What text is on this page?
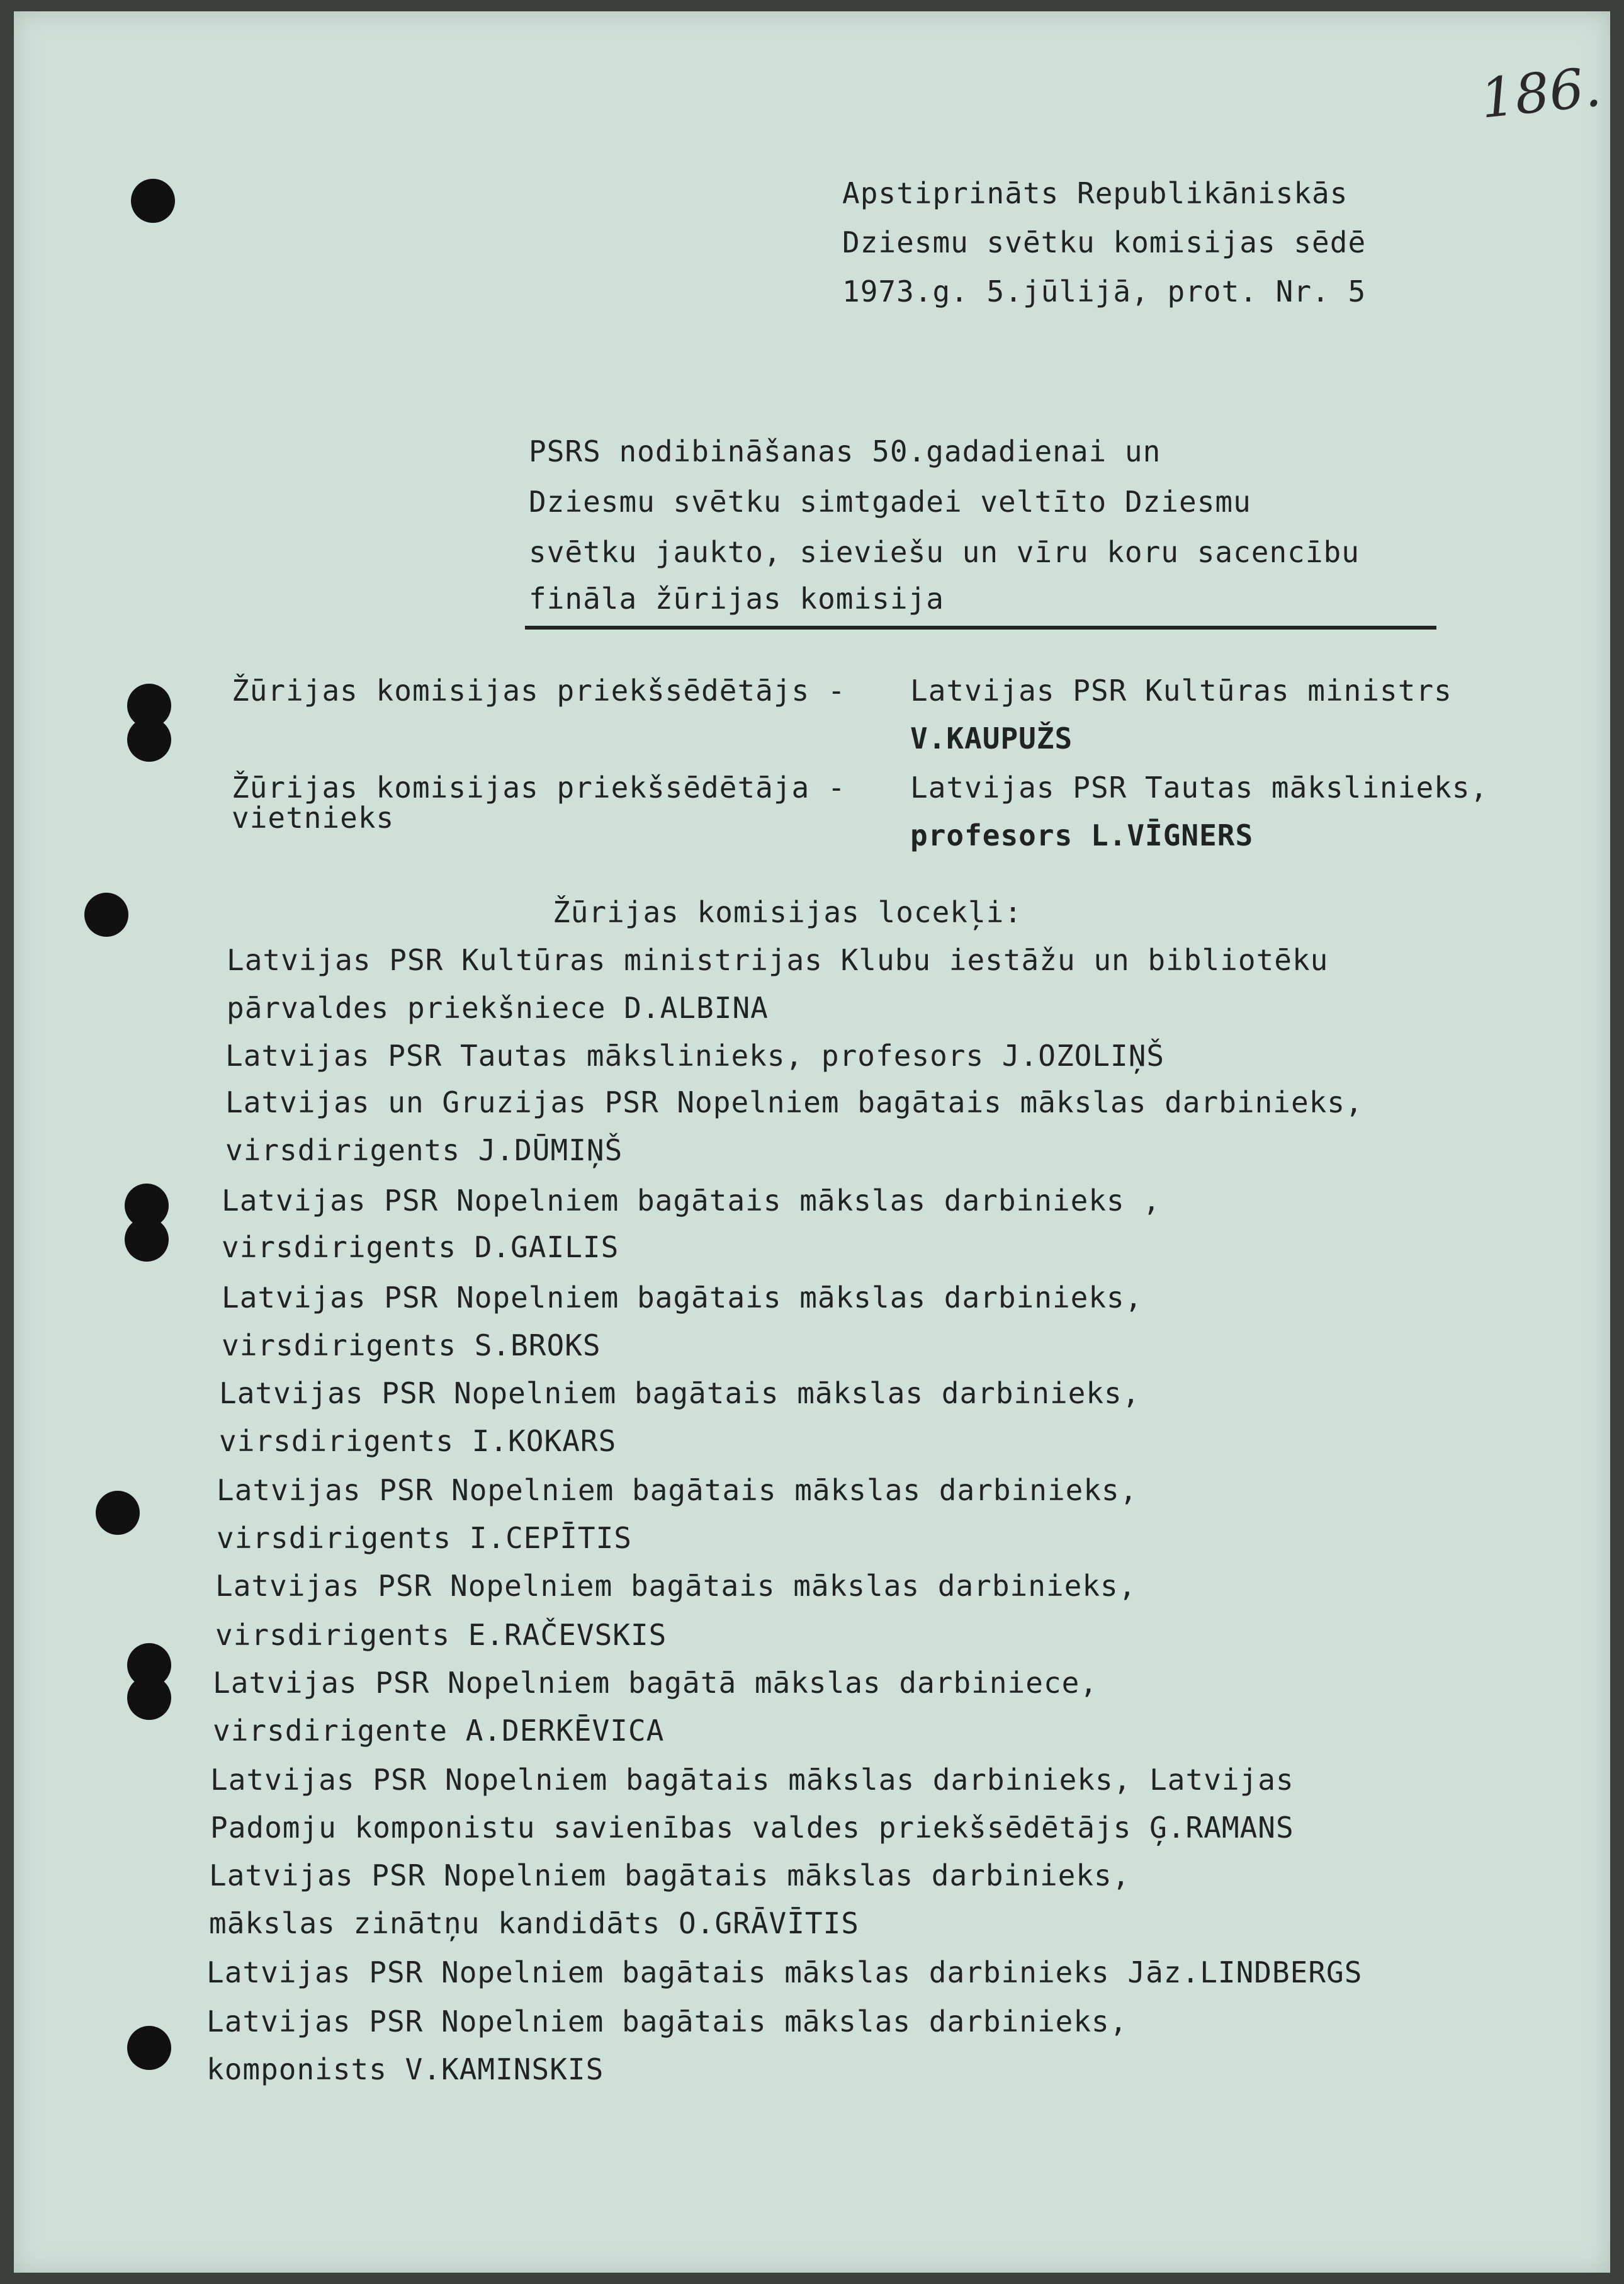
186.
Apstiprināts Republikāniskās
Dziesmu svētku komisijas sēdē
1973.g. 5.jūlijā, prot. Nr. 5
PSRS nodibināšanas 50.gadadienai un
Dziesmu svētku simtgadei veltīto Dziesmu
svētku jaukto, sieviešu un vīru koru sacencību
fināla žūrijas komisija
Žūrijas komisijas priekšsēdētājs - Latvijas PSR Kultūras ministrs
V.KAUPUŽS
Žūrijas komisijas priekšsēdētāja -
vietnieks
Latvijas PSR Tautas mākslinieks,
profesors L.VĪGNERS
Žūrijas komisijas locekļi:
Latvijas PSR Kultūras ministrijas Klubu iestāžu un bibliotēku
pārvaldes priekšniece D.ALBINA
Latvijas PSR Tautas mākslinieks, profesors J.OZOLIŅŠ
Latvijas un Gruzijas PSR Nopelniem bagātais mākslas darbinieks,
virsdirigents J.DŪMIŅŠ
Latvijas PSR Nopelniem bagātais mākslas darbinieks ,
virsdirigents D.GAILIS
Latvijas PSR Nopelniem bagātais mākslas darbinieks,
virsdirigents S.BROKS
Latvijas PSR Nopelniem bagātais mākslas darbinieks,
virsdirigents I.KOKARS
Latvijas PSR Nopelniem bagātais mākslas darbinieks,
virsdirigents I.CEPĪTIS
Latvijas PSR Nopelniem bagātais mākslas darbinieks,
virsdirigents E.RAČEVSKIS
Latvijas PSR Nopelniem bagātā mākslas darbiniece,
virsdirigente A.DERKĒVICA
Latvijas PSR Nopelniem bagātais mākslas darbinieks, Latvijas
Padomju komponistu savienības valdes priekšsēdētājs Ģ.RAMANS
Latvijas PSR Nopelniem bagātais mākslas darbinieks,
mākslas zinātņu kandidāts O.GRĀVĪTIS
Latvijas PSR Nopelniem bagātais mākslas darbinieks Jāz.LINDBERGS
Latvijas PSR Nopelniem bagātais mākslas darbinieks,
komponists V.KAMINSKIS
